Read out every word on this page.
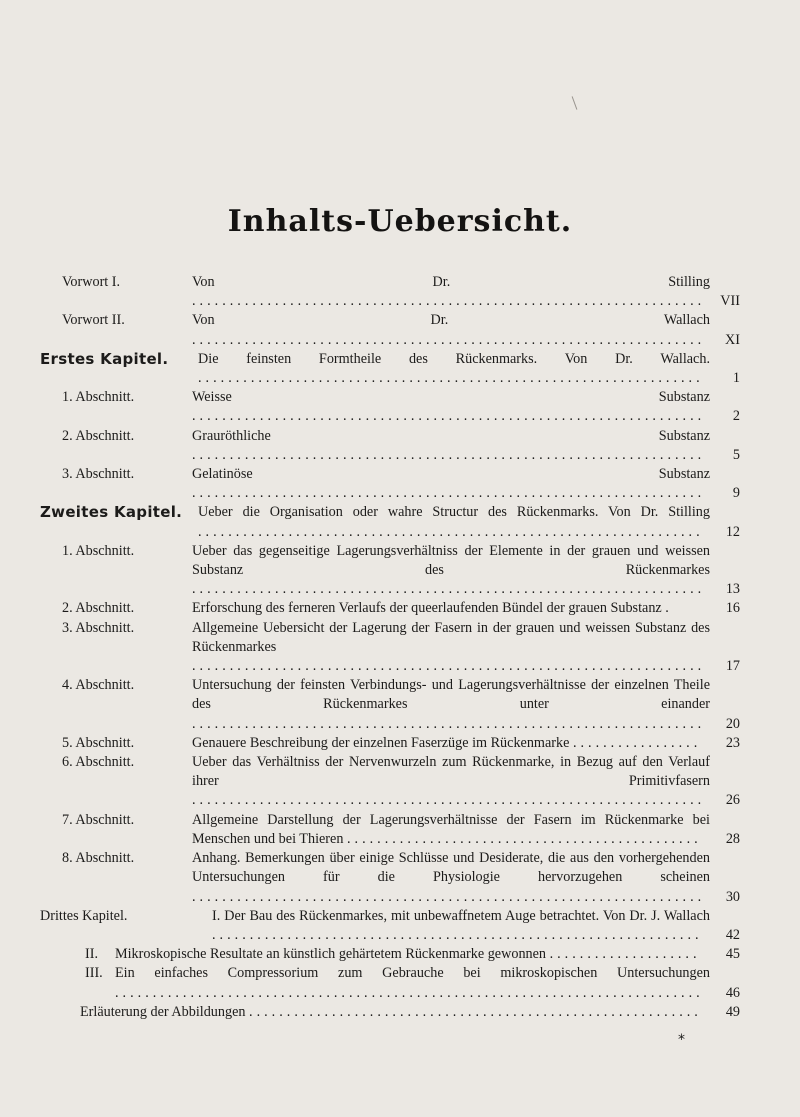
Inhalts-Uebersicht.
Vorwort I.	Von Dr. Stilling ....................................................................	VII
Vorwort II.	Von Dr. Wallach ....................................................................	XI
Erstes Kapitel. Die feinsten Formtheile des Rückenmarks. Von Dr. Wallach. ...................................................................	1
1. Abschnitt.	Weisse Substanz ....................................................................	2
2. Abschnitt.	Grauröthliche Substanz ....................................................................	5
3. Abschnitt.	Gelatinöse Substanz ....................................................................	9
Zweites Kapitel. Ueber die Organisation oder wahre Structur des Rückenmarks. Von Dr. Stilling ...................................................................	12
1. Abschnitt.	Ueber das gegenseitige Lagerungsverhältniss der Elemente in der grauen und weissen Substanz des Rückenmarkes ....................................................................	13
2. Abschnitt.	Erforschung des ferneren Verlaufs der queerlaufenden Bündel der grauen Substanz .	16
3. Abschnitt.	Allgemeine Uebersicht der Lagerung der Fasern in der grauen und weissen Substanz des Rückenmarkes ....................................................................	17
4. Abschnitt.	Untersuchung der feinsten Verbindungs- und Lagerungsverhältnisse der einzelnen Theile des Rückenmarkes unter einander ....................................................................	20
5. Abschnitt.	Genauere Beschreibung der einzelnen Faserzüge im Rückenmarke .................	23
6. Abschnitt.	Ueber das Verhältniss der Nervenwurzeln zum Rückenmarke, in Bezug auf den Verlauf ihrer Primitivfasern ....................................................................	26
7. Abschnitt.	Allgemeine Darstellung der Lagerungsverhältnisse der Fasern im Rückenmarke bei Menschen und bei Thieren ...............................................	28
8. Abschnitt.	Anhang. Bemerkungen über einige Schlüsse und Desiderate, die aus den vorhergehenden Untersuchungen für die Physiologie hervorzugehen scheinen ....................................................................	30
Drittes Kapitel.	I. Der Bau des Rückenmarkes, mit unbewaffnetem Auge betrachtet. Von Dr. J. Wallach .................................................................	42
II. Mikroskopische Resultate an künstlich gehärtetem Rückenmarke gewonnen ....................	45
III. Ein einfaches Compressorium zum Gebrauche bei mikroskopischen Untersuchungen ..............................................................................	46
Erläuterung der Abbildungen ............................................................	49
*
